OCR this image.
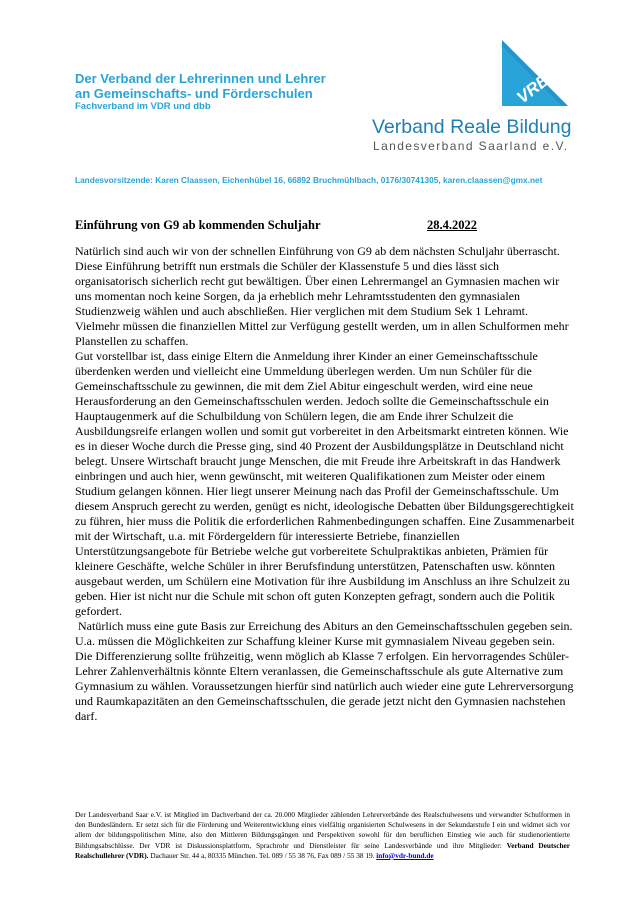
Der Verband der Lehrerinnen und Lehrer
an Gemeinschafts- und Förderschulen
Fachverband im VDR und dbb	VRB
Verband Reale Bildung
Landesverband Saarland e.V.
Landesvorsitzende: Karen Claassen, Eichenhübel 16, 66892 Bruchmühlbach, 0176/30741305, karen.claassen@gmx.net
Einführung von G9 ab kommenden Schuljahr	28.4.2022

Natürlich sind auch wir von der schnellen Einführung von G9 ab dem nächsten Schuljahr überrascht.

Diese Einführung betrifft nun erstmals die Schüler der Klassenstufe 5 und dies lässt sich organisatorisch sicherlich recht gut bewältigen. Über einen Lehrermangel an Gymnasien machen wir uns momentan noch keine Sorgen, da ja erheblich mehr Lehramtsstudenten den gymnasialen Studienzweig wählen und auch abschließen. Hier verglichen mit dem Studium Sek 1 Lehramt. Vielmehr müssen die finanziellen Mittel zur Verfügung gestellt werden, um in allen Schulformen mehr Planstellen zu schaffen.

Gut vorstellbar ist, dass einige Eltern die Anmeldung ihrer Kinder an einer Gemeinschaftsschule überdenken werden und vielleicht eine Ummeldung überlegen werden. Um nun Schüler für die Gemeinschaftsschule zu gewinnen, die mit dem Ziel Abitur eingeschult werden, wird eine neue Herausforderung an den Gemeinschaftsschulen werden. Jedoch sollte die Gemeinschaftsschule ein Hauptaugenmerk auf die Schulbildung von Schülern legen, die am Ende ihrer Schulzeit die Ausbildungsreife erlangen wollen und somit gut vorbereitet in den Arbeitsmarkt eintreten können. Wie es in dieser Woche durch die Presse ging, sind 40 Prozent der Ausbildungsplätze in Deutschland nicht belegt. Unsere Wirtschaft braucht junge Menschen, die mit Freude ihre Arbeitskraft in das Handwerk einbringen und auch hier, wenn gewünscht, mit weiteren Qualifikationen zum Meister oder einem Studium gelangen können. Hier liegt unserer Meinung nach das Profil der Gemeinschaftsschule. Um diesem Anspruch gerecht zu werden, genügt es nicht, ideologische Debatten über Bildungsgerechtigkeit zu führen, hier muss die Politik die erforderlichen Rahmenbedingungen schaffen. Eine Zusammenarbeit mit der Wirtschaft, u.a. mit Fördergeldern für interessierte Betriebe, finanziellen Unterstützungsangebote für Betriebe welche gut vorbereitete Schulpraktikas anbieten, Prämien für kleinere Geschäfte, welche Schüler in ihrer Berufsfindung unterstützen, Patenschaften usw. könnten ausgebaut werden, um Schülern eine Motivation für ihre Ausbildung im Anschluss an ihre Schulzeit zu geben. Hier ist nicht nur die Schule mit schon oft guten Konzepten gefragt, sondern auch die Politik gefordert.

Natürlich muss eine gute Basis zur Erreichung des Abiturs an den Gemeinschaftsschulen gegeben sein. U.a. müssen die Möglichkeiten zur Schaffung kleiner Kurse mit gymnasialem Niveau gegeben sein. Die Differenzierung sollte frühzeitig, wenn möglich ab Klasse 7 erfolgen. Ein hervorragendes Schüler- Lehrer Zahlenverhältnis könnte Eltern veranlassen, die Gemeinschaftsschule als gute Alternative zum Gymnasium zu wählen. Voraussetzungen hierfür sind natürlich auch wieder eine gute Lehrerversorgung und Raumkapazitäten an den Gemeinschaftsschulen, die gerade jetzt nicht den Gymnasien nachstehen darf.

Der Landesverband Saar e.V. ist Mitglied im Dachverband der ca. 20.000 Mitglieder zählenden Lehrerverbände des Realschulwesens und verwandter Schulformen in den Bundesländern. Er setzt sich für die Förderung und Weiterentwicklung eines vielfältig organisierten Schulwesens in der Sekundarstufe I ein und widmet sich vor allem der bildungspolitischen Mitte, also den Mittleren Bildungsgängen und Perspektiven sowohl für den beruflichen Einstieg wie auch für studienorientierte Bildungsabschlüsse. Der VDR ist Diskussionsplattform, Sprachrohr und Dienstleister für seine Landesverbände und ihre Mitglieder: Verband Deutscher Realschullehrer (VDR). Dachauer Str. 44 a, 80335 München. Tel. 089 / 55 38 76, Fax 089 / 55 38 19. info@vdr-bund.de
